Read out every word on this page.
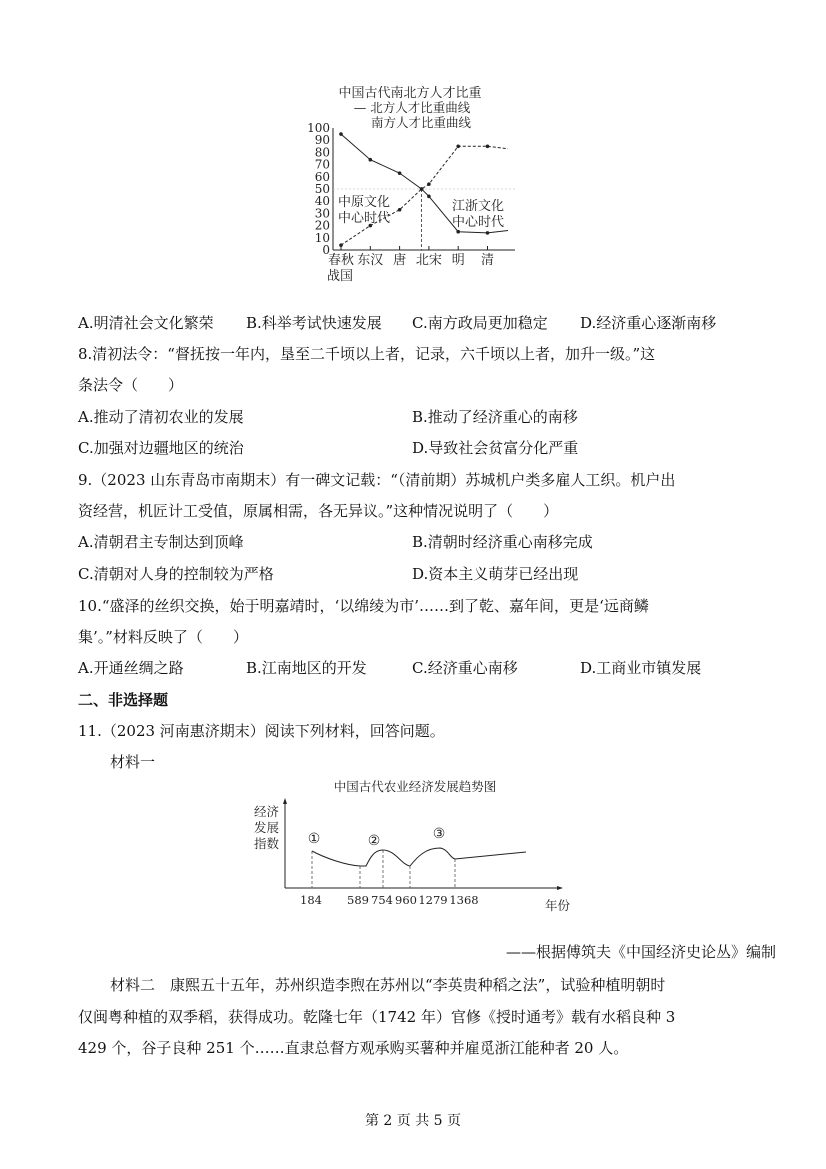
中国古代南北方人才比重
— 北方人才比重曲线
南方人才比重曲线
0
10
20
30
40
50
60
70
80
90
100
春秋 东汉 唐 北宋 明 清
中原文化
中心时代
江浙文化
中心时代
战国
A.明清社会文化繁荣 B.科举考试快速发展 C.南方政局更加稳定 D.经济重心逐渐南移
8.清初法令：“督抚按一年内，垦至二千顷以上者，记录，六千顷以上者，加升一级。”这
条法令（　　）
A.推动了清初农业的发展	B.推动了经济重心的南移
C.加强对边疆地区的统治	D.导致社会贫富分化严重
9.（2023 山东青岛市南期末）有一碑文记载：“（清前期）苏城机户类多雇人工织。机户出
资经营，机匠计工受值，原属相需，各无异议。”这种情况说明了（　　）
A.清朝君主专制达到顶峰	B.清朝时经济重心南移完成
C.清朝对人身的控制较为严格	D.资本主义萌芽已经出现
10.“盛泽的丝织交换，始于明嘉靖时，‘以绵绫为市’……到了乾、嘉年间，更是‘远商鳞
集’。”材料反映了（　　）
A.开通丝绸之路	B.江南地区的开发	C.经济重心南移	D.工商业市镇发展
二、非选择题
11.（2023 河南惠济期末）阅读下列材料，回答问题。
材料一
中国古代农业经济发展趋势图
经济
发展
指数 ①	②	③
184 589 754 960 1279 1368	年份
——根据傅筑夫《中国经济史论丛》编制
材料二　康熙五十五年，苏州织造李煦在苏州以“李英贵种稻之法”，试验种植明朝时
仅闽粤种植的双季稻，获得成功。乾隆七年（1742 年）官修《授时通考》载有水稻良种 3
429 个，谷子良种 251 个……直隶总督方观承购买薯种并雇觅浙江能种者 20 人。
第 2 页 共 5 页
